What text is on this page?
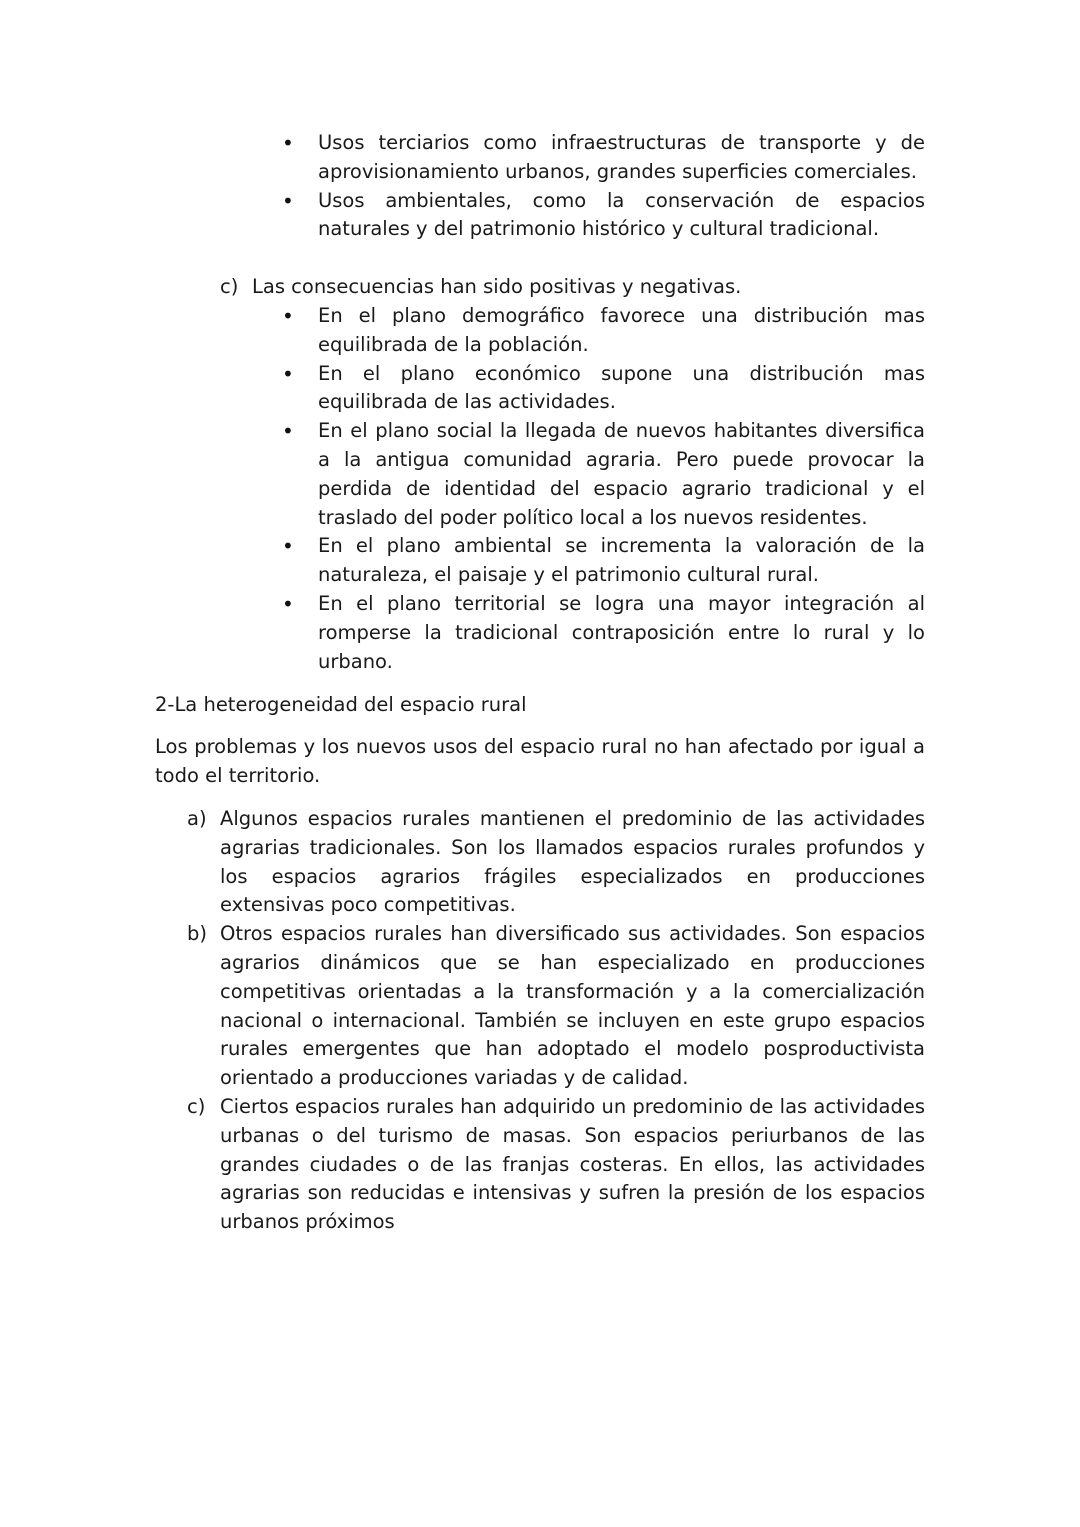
• Usos terciarios como infraestructuras de transporte y de aprovisionamiento urbanos, grandes superficies comerciales.

• Usos ambientales, como la conservación de espacios naturales y del patrimonio histórico y cultural tradicional.

c) Las consecuencias han sido positivas y negativas.

• En el plano demográfico favorece una distribución mas equilibrada de la población.

• En el plano económico supone una distribución mas equilibrada de las actividades.

• En el plano social la llegada de nuevos habitantes diversifica a la antigua comunidad agraria. Pero puede provocar la perdida de identidad del espacio agrario tradicional y el traslado del poder político local a los nuevos residentes.

• En el plano ambiental se incrementa la valoración de la naturaleza, el paisaje y el patrimonio cultural rural.

• En el plano territorial se logra una mayor integración al romperse la tradicional contraposición entre lo rural y lo urbano.

2-La heterogeneidad del espacio rural

Los problemas y los nuevos usos del espacio rural no han afectado por igual a todo el territorio.

a) Algunos espacios rurales mantienen el predominio de las actividades agrarias tradicionales. Son los llamados espacios rurales profundos y los espacios agrarios frágiles especializados en producciones extensivas poco competitivas.
b) Otros espacios rurales han diversificado sus actividades. Son espacios agrarios dinámicos que se han especializado en producciones competitivas orientadas a la transformación y a la comercialización nacional o internacional. También se incluyen en este grupo espacios rurales emergentes que han adoptado el modelo posproductivista orientado a producciones variadas y de calidad.
c) Ciertos espacios rurales han adquirido un predominio de las actividades urbanas o del turismo de masas. Son espacios periurbanos de las grandes ciudades o de las franjas costeras. En ellos, las actividades agrarias son reducidas e intensivas y sufren la presión de los espacios urbanos próximos
